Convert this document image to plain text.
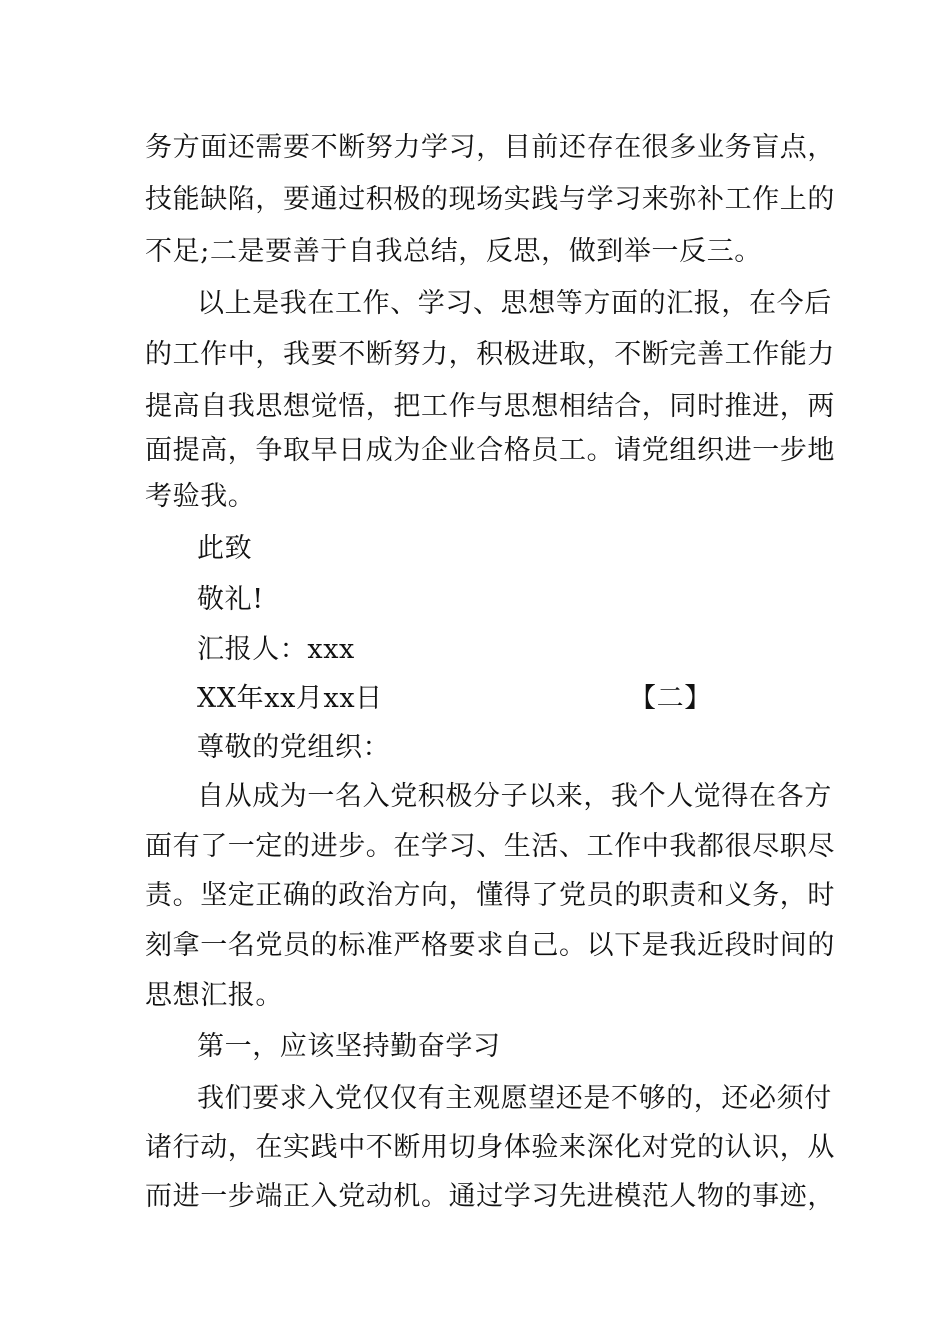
务方面还需要不断努力学习，目前还存在很多业务盲点，
技能缺陷，要通过积极的现场实践与学习来弥补工作上的
不足;二是要善于自我总结，反思，做到举一反三。
以上是我在工作、学习、思想等方面的汇报，在今后
的工作中，我要不断努力，积极进取，不断完善工作能力
提高自我思想觉悟，把工作与思想相结合，同时推进，两
面提高，争取早日成为企业合格员工。请党组织进一步地
考验我。
此致
敬礼!
汇报人：xxx
XX年xx月xx日	【二】
尊敬的党组织：
自从成为一名入党积极分子以来，我个人觉得在各方
面有了一定的进步。在学习、生活、工作中我都很尽职尽
责。坚定正确的政治方向，懂得了党员的职责和义务，时
刻拿一名党员的标准严格要求自己。以下是我近段时间的
思想汇报。
第一，应该坚持勤奋学习
我们要求入党仅仅有主观愿望还是不够的，还必须付
诸行动，在实践中不断用切身体验来深化对党的认识，从
而进一步端正入党动机。通过学习先进模范人物的事迹，
